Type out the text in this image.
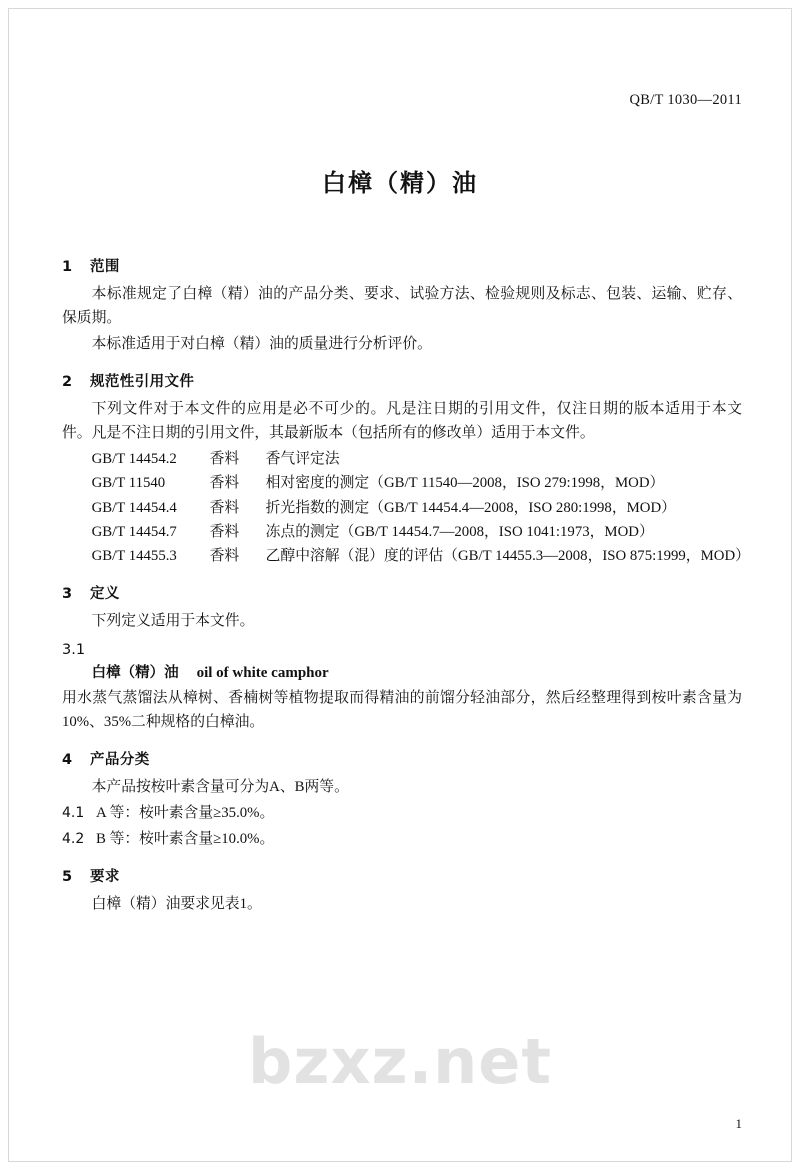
QB/T 1030—2011
白樟（精）油
1 范围

本标准规定了白樟（精）油的产品分类、要求、试验方法、检验规则及标志、包装、运输、贮存、保质期。

本标准适用于对白樟（精）油的质量进行分析评价。

2 规范性引用文件

下列文件对于本文件的应用是必不可少的。凡是注日期的引用文件，仅注日期的版本适用于本文件。凡是不注日期的引用文件，其最新版本（包括所有的修改单）适用于本文件。

GB/T 14454.2 香料 香气评定法
GB/T 11540	香料 相对密度的测定（GB/T 11540—2008，ISO 279:1998，MOD）
GB/T 14454.4 香料 折光指数的测定（GB/T 14454.4—2008，ISO 280:1998，MOD）
GB/T 14454.7 香料 冻点的测定（GB/T 14454.7—2008，ISO 1041:1973，MOD）
GB/T 14455.3 香料 乙醇中溶解（混）度的评估（GB/T 14455.3—2008，ISO 875:1999，MOD）
3 定义

下列定义适用于本文件。

3.1
白樟（精）油 oil of white camphor

用水蒸气蒸馏法从樟树、香楠树等植物提取而得精油的前馏分轻油部分，然后经整理得到桉叶素含量为10%、35%二种规格的白樟油。

4 产品分类

本产品按桉叶素含量可分为A、B两等。

4.1 A 等：桉叶素含量≥35.0%。
4.2 B 等：桉叶素含量≥10.0%。
5 要求

白樟（精）油要求见表1。

bzxz.net
1
